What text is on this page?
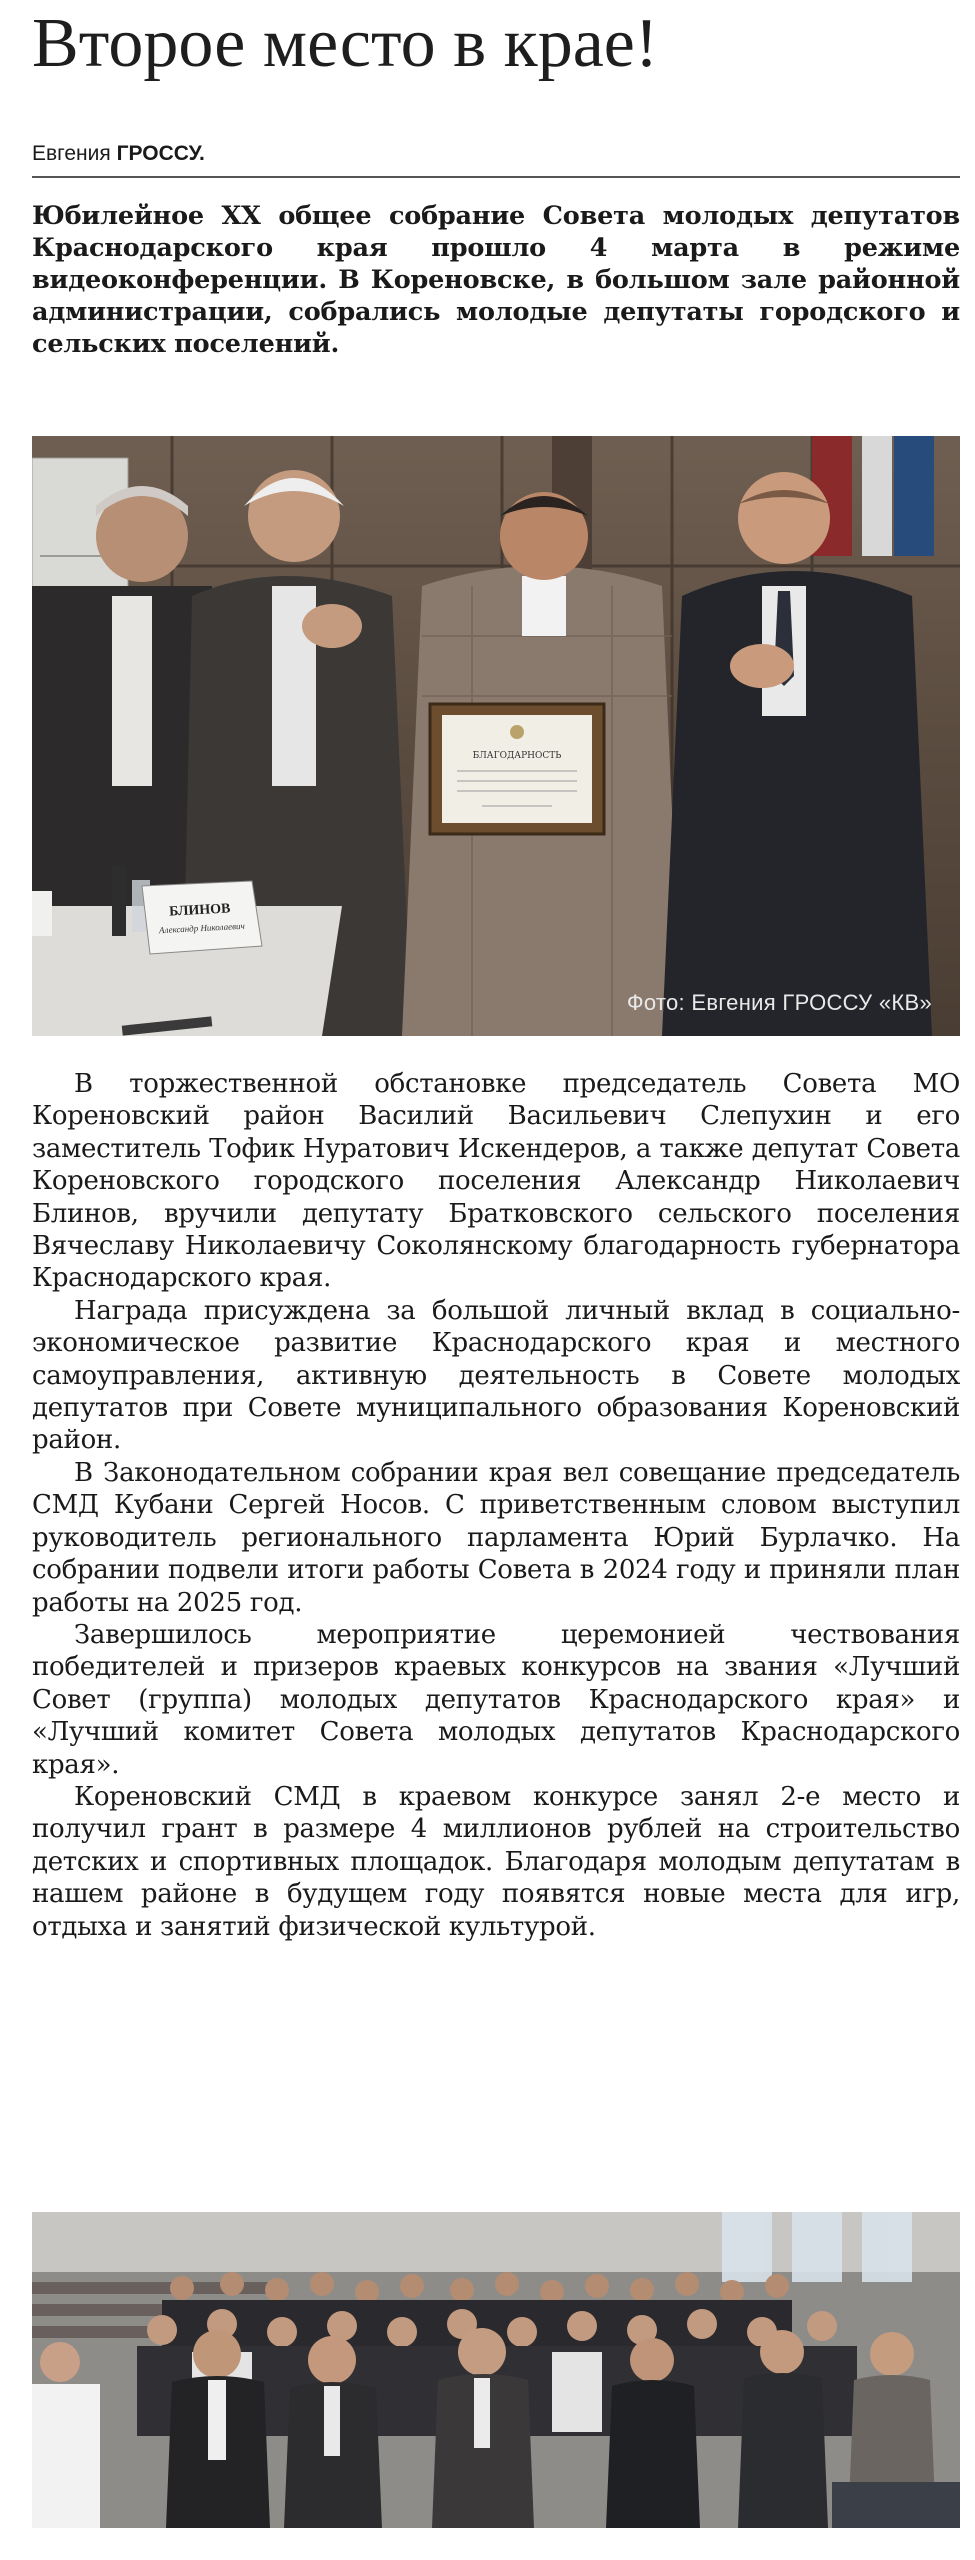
Второе место в крае!
Евгения ГРОССУ.
Юбилейное XX общее собрание Совета молодых депутатов Краснодарского края прошло 4 марта в режиме видеоконференции. В Кореновске, в большом зале районной администрации, собрались молодые депутаты городского и сельских поселений.
БЛАГОДАРНОСТЬ
БЛИНОВ
Александр Николаевич
Фото: Евгения ГРОССУ «КВ»

В торжественной обстановке председатель Совета МО Кореновский район Василий Васильевич Слепухин и его заместитель Тофик Нуратович Искендеров, а также депутат Совета Кореновского городского поселения Александр Николаевич Блинов, вручили депутату Братковского сельского поселения Вячеславу Николаевичу Соколянскому благодарность губернатора Краснодарского края.

Награда присуждена за большой личный вклад в социально-экономическое развитие Краснодарского края и местного самоуправления, активную деятельность в Совете молодых депутатов при Совете муниципального образования Кореновский район.

В Законодательном собрании края вел совещание председатель СМД Кубани Сергей Носов. С приветственным словом выступил руководитель регионального парламента Юрий Бурлачко. На собрании подвели итоги работы Совета в 2024 году и приняли план работы на 2025 год.

Завершилось мероприятие церемонией чествования победителей и призеров краевых конкурсов на звания «Лучший Совет (группа) молодых депутатов Краснодарского края» и «Лучший комитет Совета молодых депутатов Краснодарского края».

Кореновский СМД в краевом конкурсе занял 2-е место и получил грант в размере 4 миллионов рублей на строительство детских и спортивных площадок. Благодаря молодым депутатам в нашем районе в будущем году появятся новые места для игр, отдыха и занятий физической культурой.
